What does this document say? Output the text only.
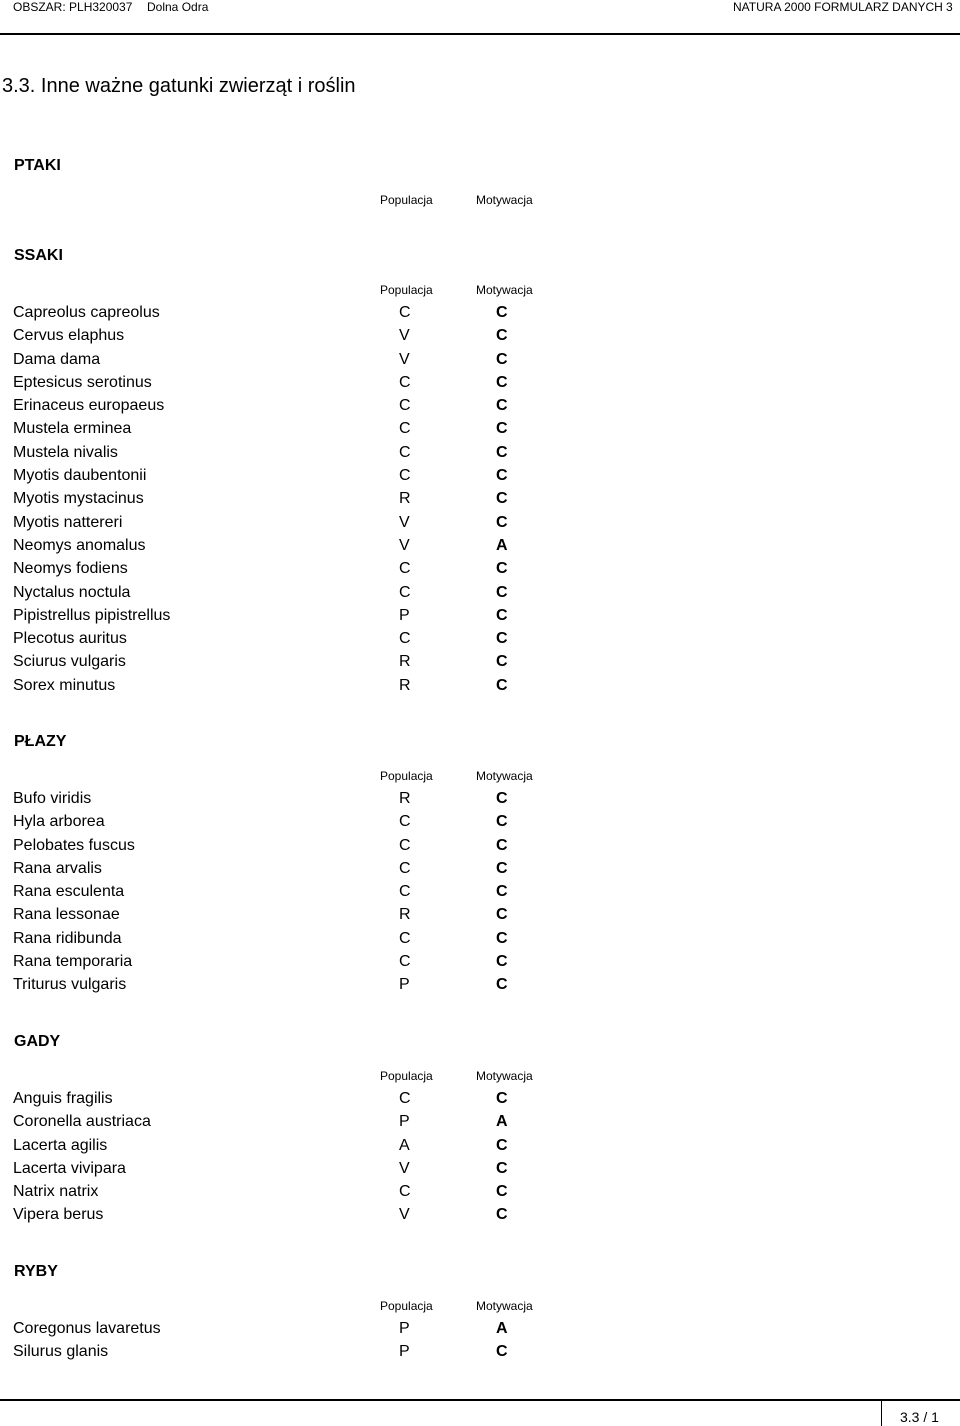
OBSZAR: PLH320037 Dolna Odra	NATURA 2000 FORMULARZ DANYCH 3
3.3. Inne ważne gatunki zwierząt i roślin
PTAKI
Populacja	Motywacja
SSAKI
Populacja	Motywacja
Capreolus capreolus	C	C
Cervus elaphus	V	C
Dama dama	V	C
Eptesicus serotinus	C	C
Erinaceus europaeus	C	C
Mustela erminea	C	C
Mustela nivalis	C	C
Myotis daubentonii	C	C
Myotis mystacinus	R	C
Myotis nattereri	V	C
Neomys anomalus	V	A
Neomys fodiens	C	C
Nyctalus noctula	C	C
Pipistrellus pipistrellus	P	C
Plecotus auritus	C	C
Sciurus vulgaris	R	C
Sorex minutus	R	C
PŁAZY
Populacja	Motywacja
Bufo viridis	R	C
Hyla arborea	C	C
Pelobates fuscus	C	C
Rana arvalis	C	C
Rana esculenta	C	C
Rana lessonae	R	C
Rana ridibunda	C	C
Rana temporaria	C	C
Triturus vulgaris	P	C
GADY
Populacja	Motywacja
Anguis fragilis	C	C
Coronella austriaca	P	A
Lacerta agilis	A	C
Lacerta vivipara	V	C
Natrix natrix	C	C
Vipera berus	V	C
RYBY
Populacja	Motywacja
Coregonus lavaretus	P	A
Silurus glanis	P	C
3.3 / 1
